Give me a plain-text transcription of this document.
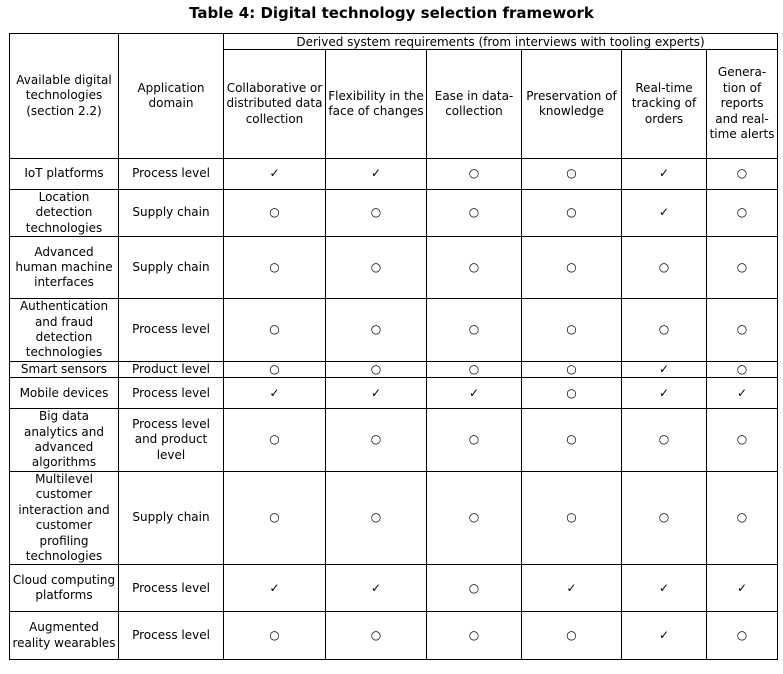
Table 4: Digital technology selection framework
Available digital technologies (section 2.2)	Application domain	Derived system requirements (from interviews with tooling experts)					
		Collaborative or distributed data collection	Flexibility in the face of changes	Ease in data-collection	Preservation of knowledge	Real-time tracking of orders	Genera-tion of reports and real-time alerts
IoT platforms	Process level	✓	✓	○	○	✓	○
Location detection technologies	Supply chain	○	○	○	○	✓	○
Advanced human machine interfaces	Supply chain	○	○	○	○	○	○
Authentication and fraud detection technologies	Process level	○	○	○	○	○	○
Smart sensors	Product level	○	○	○	○	✓	○
Mobile devices	Process level	✓	✓	✓	○	✓	✓
Big data analytics and advanced algorithms	Process level and product level	○	○	○	○	○	○
Multilevel customer interaction and customer profiling technologies	Supply chain	○	○	○	○	○	○
Cloud computing platforms	Process level	✓	✓	○	✓	✓	✓
Augmented reality wearables	Process level	○	○	○	○	✓	○
